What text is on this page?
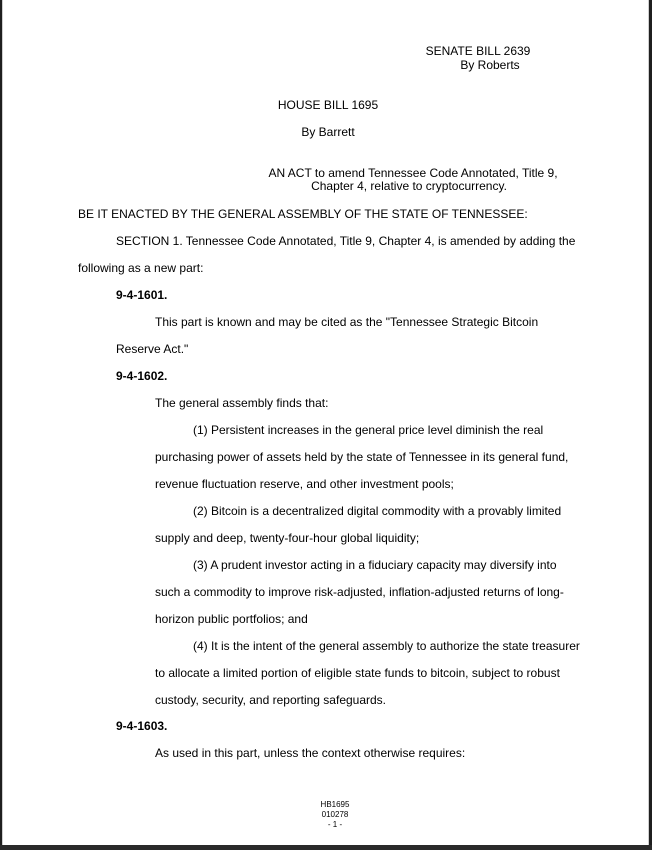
SENATE BILL 2639
By Roberts
HOUSE BILL 1695
By Barrett
AN ACT to amend Tennessee Code Annotated, Title 9,
Chapter 4, relative to cryptocurrency.
BE IT ENACTED BY THE GENERAL ASSEMBLY OF THE STATE OF TENNESSEE:
SECTION 1. Tennessee Code Annotated, Title 9, Chapter 4, is amended by adding the
following as a new part:
9-4-1601.
This part is known and may be cited as the "Tennessee Strategic Bitcoin
Reserve Act."
9-4-1602.
The general assembly finds that:
(1) Persistent increases in the general price level diminish the real
purchasing power of assets held by the state of Tennessee in its general fund,
revenue fluctuation reserve, and other investment pools;
(2) Bitcoin is a decentralized digital commodity with a provably limited
supply and deep, twenty-four-hour global liquidity;
(3) A prudent investor acting in a fiduciary capacity may diversify into
such a commodity to improve risk-adjusted, inflation-adjusted returns of long-
horizon public portfolios; and
(4) It is the intent of the general assembly to authorize the state treasurer
to allocate a limited portion of eligible state funds to bitcoin, subject to robust
custody, security, and reporting safeguards.
9-4-1603.
As used in this part, unless the context otherwise requires:
HB1695
010278
- 1 -
